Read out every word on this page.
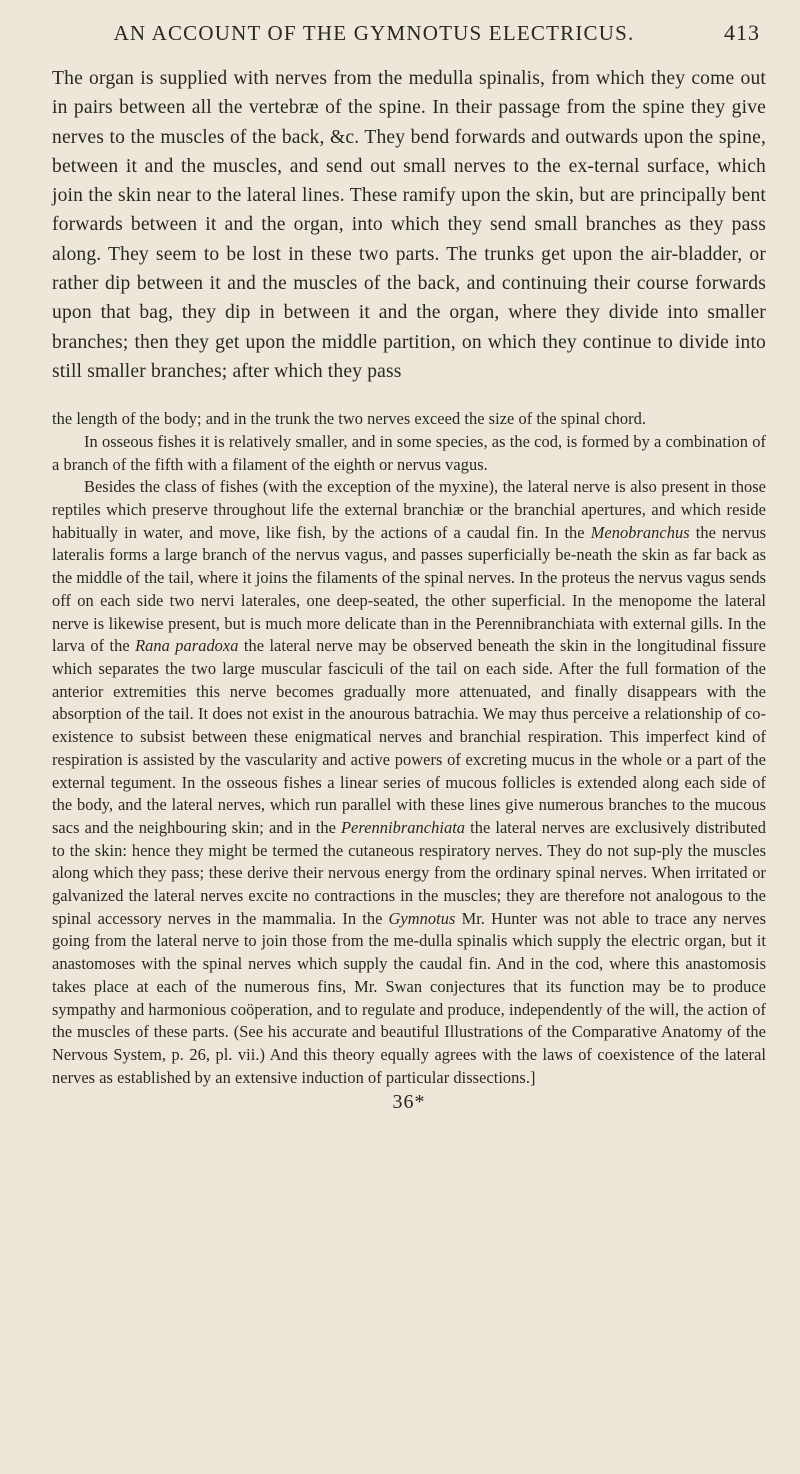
AN ACCOUNT OF THE GYMNOTUS ELECTRICUS.	413

The organ is supplied with nerves from the medulla spinalis, from which they come out in pairs between all the vertebræ of the spine. In their passage from the spine they give nerves to the muscles of the back, &c. They bend forwards and outwards upon the spine, between it and the muscles, and send out small nerves to the ex-ternal surface, which join the skin near to the lateral lines. These ramify upon the skin, but are principally bent forwards between it and the organ, into which they send small branches as they pass along. They seem to be lost in these two parts. The trunks get upon the air-bladder, or rather dip between it and the muscles of the back, and continuing their course forwards upon that bag, they dip in between it and the organ, where they divide into smaller branches; then they get upon the middle partition, on which they continue to divide into still smaller branches; after which they pass

the length of the body; and in the trunk the two nerves exceed the size of the spinal chord.

In osseous fishes it is relatively smaller, and in some species, as the cod, is formed by a combination of a branch of the fifth with a filament of the eighth or nervus vagus.

Besides the class of fishes (with the exception of the myxine), the lateral nerve is also present in those reptiles which preserve throughout life the external branchiæ or the branchial apertures, and which reside habitually in water, and move, like fish, by the actions of a caudal fin. In the Menobranchus the nervus lateralis forms a large branch of the nervus vagus, and passes superficially be-neath the skin as far back as the middle of the tail, where it joins the filaments of the spinal nerves. In the proteus the nervus vagus sends off on each side two nervi laterales, one deep-seated, the other superficial. In the menopome the lateral nerve is likewise present, but is much more delicate than in the Perennibranchiata with external gills. In the larva of the Rana paradoxa the lateral nerve may be observed beneath the skin in the longitudinal fissure which separates the two large muscular fasciculi of the tail on each side. After the full formation of the anterior extremities this nerve becomes gradually more attenuated, and finally disappears with the absorption of the tail. It does not exist in the anourous batrachia. We may thus perceive a relationship of co-existence to subsist between these enigmatical nerves and branchial respiration. This imperfect kind of respiration is assisted by the vascularity and active powers of excreting mucus in the whole or a part of the external tegument. In the osseous fishes a linear series of mucous follicles is extended along each side of the body, and the lateral nerves, which run parallel with these lines give numerous branches to the mucous sacs and the neighbouring skin; and in the Perennibranchiata the lateral nerves are exclusively distributed to the skin: hence they might be termed the cutaneous respiratory nerves. They do not sup-ply the muscles along which they pass; these derive their nervous energy from the ordinary spinal nerves. When irritated or galvanized the lateral nerves excite no contractions in the muscles; they are therefore not analogous to the spinal accessory nerves in the mammalia. In the Gymnotus Mr. Hunter was not able to trace any nerves going from the lateral nerve to join those from the me-dulla spinalis which supply the electric organ, but it anastomoses with the spinal nerves which supply the caudal fin. And in the cod, where this anastomosis takes place at each of the numerous fins, Mr. Swan conjectures that its function may be to produce sympathy and harmonious coöperation, and to regulate and produce, independently of the will, the action of the muscles of these parts. (See his accurate and beautiful Illustrations of the Comparative Anatomy of the Nervous System, p. 26, pl. vii.) And this theory equally agrees with the laws of coexistence of the lateral nerves as established by an extensive induction of particular dissections.]

36*
